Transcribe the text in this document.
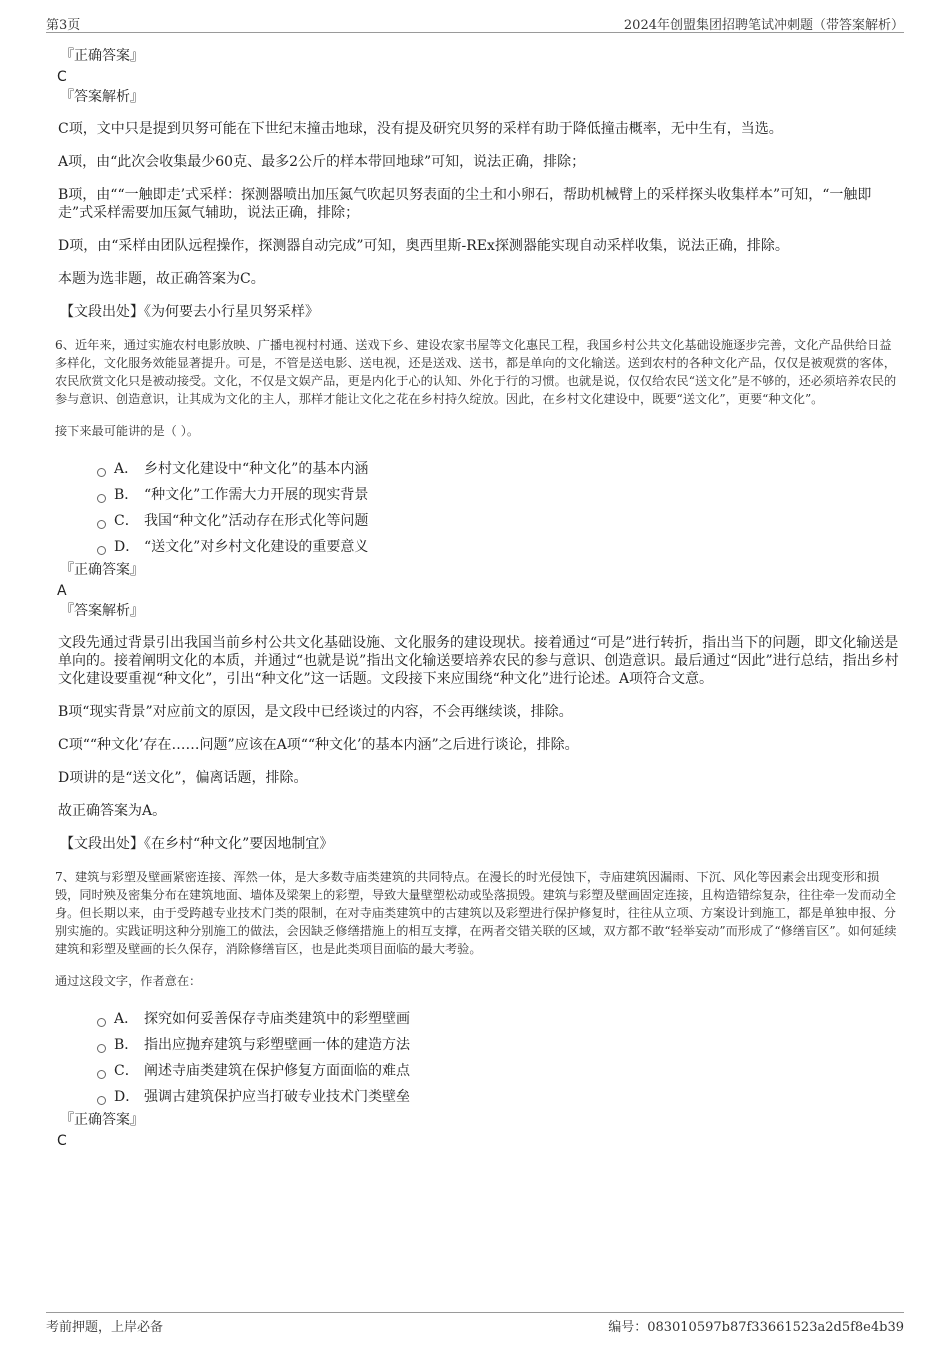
第3页	2024年创盟集团招聘笔试冲刺题（带答案解析）
『正确答案』
C
『答案解析』

C项，文中只是提到贝努可能在下世纪末撞击地球，没有提及研究贝努的采样有助于降低撞击概率，无中生有，当选。

A项，由“此次会收集最少60克、最多2公斤的样本带回地球”可知，说法正确，排除；

B项，由““一触即走’式采样：探测器喷出加压氮气吹起贝努表面的尘土和小卵石，帮助机械臂上的采样探头收集样本”可知，“一触即走”式采样需要加压氮气辅助，说法正确，排除；

D项，由“采样由团队远程操作，探测器自动完成”可知，奥西里斯-REx探测器能实现自动采样收集，说法正确，排除。

本题为选非题，故正确答案为C。

【文段出处】《为何要去小行星贝努采样》

6、近年来，通过实施农村电影放映、广播电视村村通、送戏下乡、建设农家书屋等文化惠民工程，我国乡村公共文化基础设施逐步完善，文化产品供给日益多样化，文化服务效能显著提升。可是，不管是送电影、送电视，还是送戏、送书，都是单向的文化输送。送到农村的各种文化产品，仅仅是被观赏的客体，农民欣赏文化只是被动接受。文化，不仅是文娱产品，更是内化于心的认知、外化于行的习惯。也就是说，仅仅给农民“送文化”是不够的，还必须培养农民的参与意识、创造意识，让其成为文化的主人，那样才能让文化之花在乡村持久绽放。因此，在乡村文化建设中，既要“送文化”，更要“种文化”。

接下来最可能讲的是（ ）。
A． 乡村文化建设中“种文化”的基本内涵
B． “种文化”工作需大力开展的现实背景
C． 我国“种文化”活动存在形式化等问题
D． “送文化”对乡村文化建设的重要意义
『正确答案』
A
『答案解析』

文段先通过背景引出我国当前乡村公共文化基础设施、文化服务的建设现状。接着通过“可是”进行转折，指出当下的问题，即文化输送是单向的。接着阐明文化的本质，并通过“也就是说”指出文化输送要培养农民的参与意识、创造意识。最后通过“因此”进行总结，指出乡村文化建设要重视“种文化”，引出“种文化”这一话题。文段接下来应围绕“种文化”进行论述。A项符合文意。

B项“现实背景”对应前文的原因，是文段中已经谈过的内容，不会再继续谈，排除。

C项““种文化’存在……问题”应该在A项““种文化’的基本内涵”之后进行谈论，排除。

D项讲的是“送文化”，偏离话题，排除。

故正确答案为A。

【文段出处】《在乡村“种文化”要因地制宜》

7、建筑与彩塑及壁画紧密连接、浑然一体，是大多数寺庙类建筑的共同特点。在漫长的时光侵蚀下，寺庙建筑因漏雨、下沉、风化等因素会出现变形和损毁，同时殃及密集分布在建筑地面、墙体及梁架上的彩塑，导致大量壁塑松动或坠落损毁。建筑与彩塑及壁画固定连接，且构造错综复杂，往往牵一发而动全身。但长期以来，由于受跨越专业技术门类的限制，在对寺庙类建筑中的古建筑以及彩塑进行保护修复时，往往从立项、方案设计到施工，都是单独申报、分别实施的。实践证明这种分别施工的做法，会因缺乏修缮措施上的相互支撑，在两者交错关联的区域，双方都不敢“轻举妄动”而形成了“修缮盲区”。如何延续建筑和彩塑及壁画的长久保存，消除修缮盲区，也是此类项目面临的最大考验。

通过这段文字，作者意在：
A． 探究如何妥善保存寺庙类建筑中的彩塑壁画
B． 指出应抛弃建筑与彩塑壁画一体的建造方法
C． 阐述寺庙类建筑在保护修复方面面临的难点
D． 强调古建筑保护应当打破专业技术门类壁垒
『正确答案』
C
考前押题，上岸必备	编号：083010597b87f33661523a2d5f8e4b39
